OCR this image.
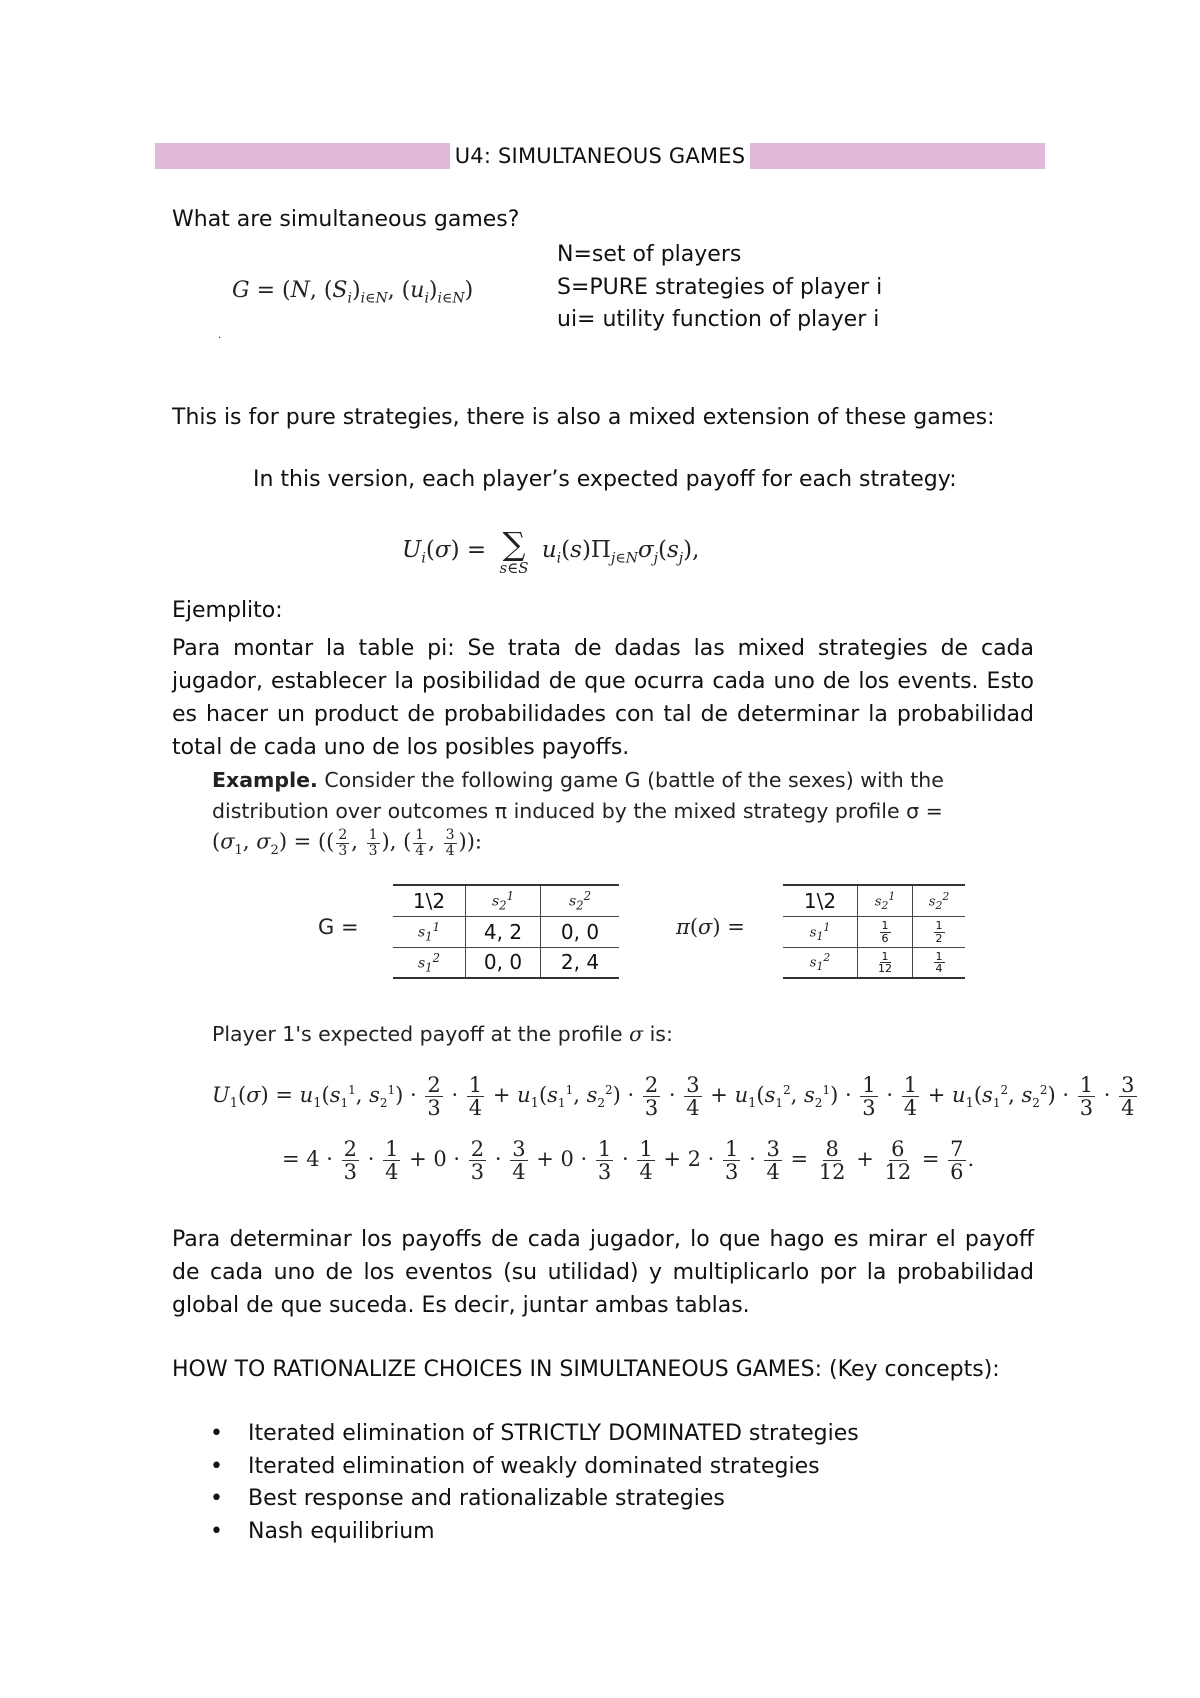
U4: SIMULTANEOUS GAMES
What are simultaneous games?
G = (N, $(S_i)_{i\in N}$, $(u_i)_{i\in N}$)
.
N=set of players
S=PURE strategies of player i
ui= utility function of player i
This is for pure strategies, there is also a mixed extension of these games:
In this version, each player’s expected payoff for each strategy:
$U_i(\sigma)$ = ∑
s∈S
$u_i(s)\Pi_{j\in N}\sigma_j(s_j)$,
Ejemplito:
Para montar la table pi: Se trata de dadas las mixed strategies de cada jugador, establecer la posibilidad de que ocurra cada uno de los events. Esto es hacer un product de probabilidades con tal de determinar la probabilidad total de cada uno de los posibles payoffs.
Example. Consider the following game G (battle of the sexes) with the distribution over outcomes π induced by the mixed strategy profile σ =
($\sigma_1$, $\sigma_2$) = (( $\frac{2}{3}$ , $\frac{1}{3}$ ), ( $\frac{1}{4}$ , $\frac{3}{4}$ )):
G =
1\2	$s_2^1$	$s_2^2$
$s_1^1$	4, 2	0, 0
$s_1^2$	0, 0	2, 4
π(σ) =
1\2	$s_2^1$	$s_2^2$
$s_1^1$	$\frac{1}{6}$	$\frac{1}{2}$

$s_1^2$	$\frac{1}{12}$	$\frac{1}{4}$
Player 1's expected payoff at the profile σ is:
$U_1(\sigma) = u_1(s_1^1$, $s_2^1) \cdot \frac{2}{3} \cdot \frac{1}{4} + u_1(s_1^1$, $s_2^2) \cdot \frac{2}{3} \cdot \frac{3}{4} + u_1(s_1^2$, $s_2^1) \cdot \frac{1}{3} \cdot \frac{1}{4} + u_1(s_1^2$, $s_2^2) \cdot \frac{1}{3} \cdot \frac{3}{4}$
= $4 \cdot \frac{2}{3} \cdot \frac{1}{4} + 0 \cdot \frac{2}{3} \cdot \frac{3}{4} + 0 \cdot \frac{1}{3} \cdot \frac{1}{4} + 2 \cdot \frac{1}{3} \cdot \frac{3}{4} = \frac{8}{12} + \frac{6}{12} = \frac{7}{6}$ .
Para determinar los payoffs de cada jugador, lo que hago es mirar el payoff de cada uno de los eventos (su utilidad) y multiplicarlo por la probabilidad global de que suceda. Es decir, juntar ambas tablas.
HOW TO RATIONALIZE CHOICES IN SIMULTANEOUS GAMES: (Key concepts):
• Iterated elimination of STRICTLY DOMINATED strategies
• Iterated elimination of weakly dominated strategies
• Best response and rationalizable strategies
• Nash equilibrium
